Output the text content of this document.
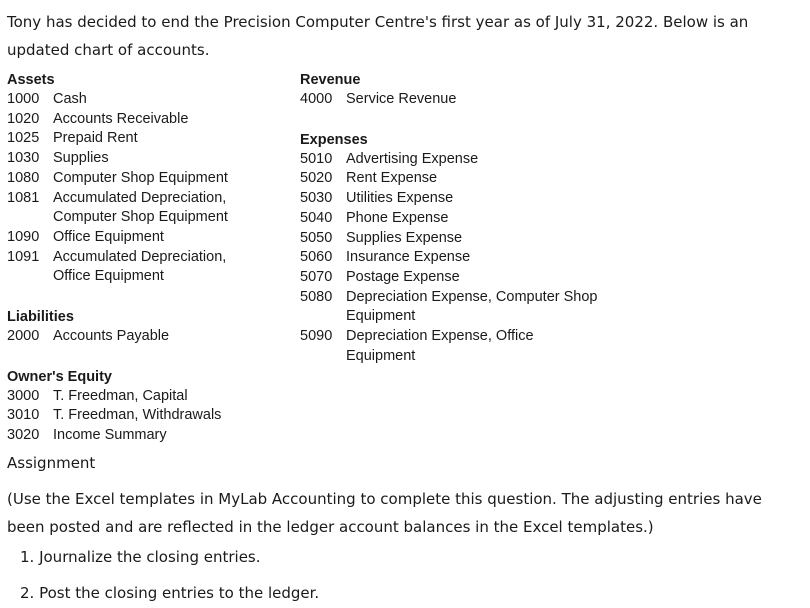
Tony has decided to end the Precision Computer Centre's first year as of July 31, 2022. Below is an updated chart of accounts.
Assets
1000 Cash
1020 Accounts Receivable
1025 Prepaid Rent
1030 Supplies
1080 Computer Shop Equipment
1081 Accumulated Depreciation,
Computer Shop Equipment
1090 Office Equipment
1091 Accumulated Depreciation,
Office Equipment
Liabilities
2000 Accounts Payable
Owner's Equity
3000 T. Freedman, Capital
3010 T. Freedman, Withdrawals
3020 Income Summary
Revenue
4000 Service Revenue
Expenses
5010 Advertising Expense
5020 Rent Expense
5030 Utilities Expense
5040 Phone Expense
5050 Supplies Expense
5060 Insurance Expense
5070 Postage Expense
5080 Depreciation Expense, Computer Shop
Equipment
5090 Depreciation Expense, Office Equipment
Assignment
(Use the Excel templates in MyLab Accounting to complete this question. The adjusting entries have been posted and are reflected in the ledger account balances in the Excel templates.)
1. Journalize the closing entries.
2. Post the closing entries to the ledger.
